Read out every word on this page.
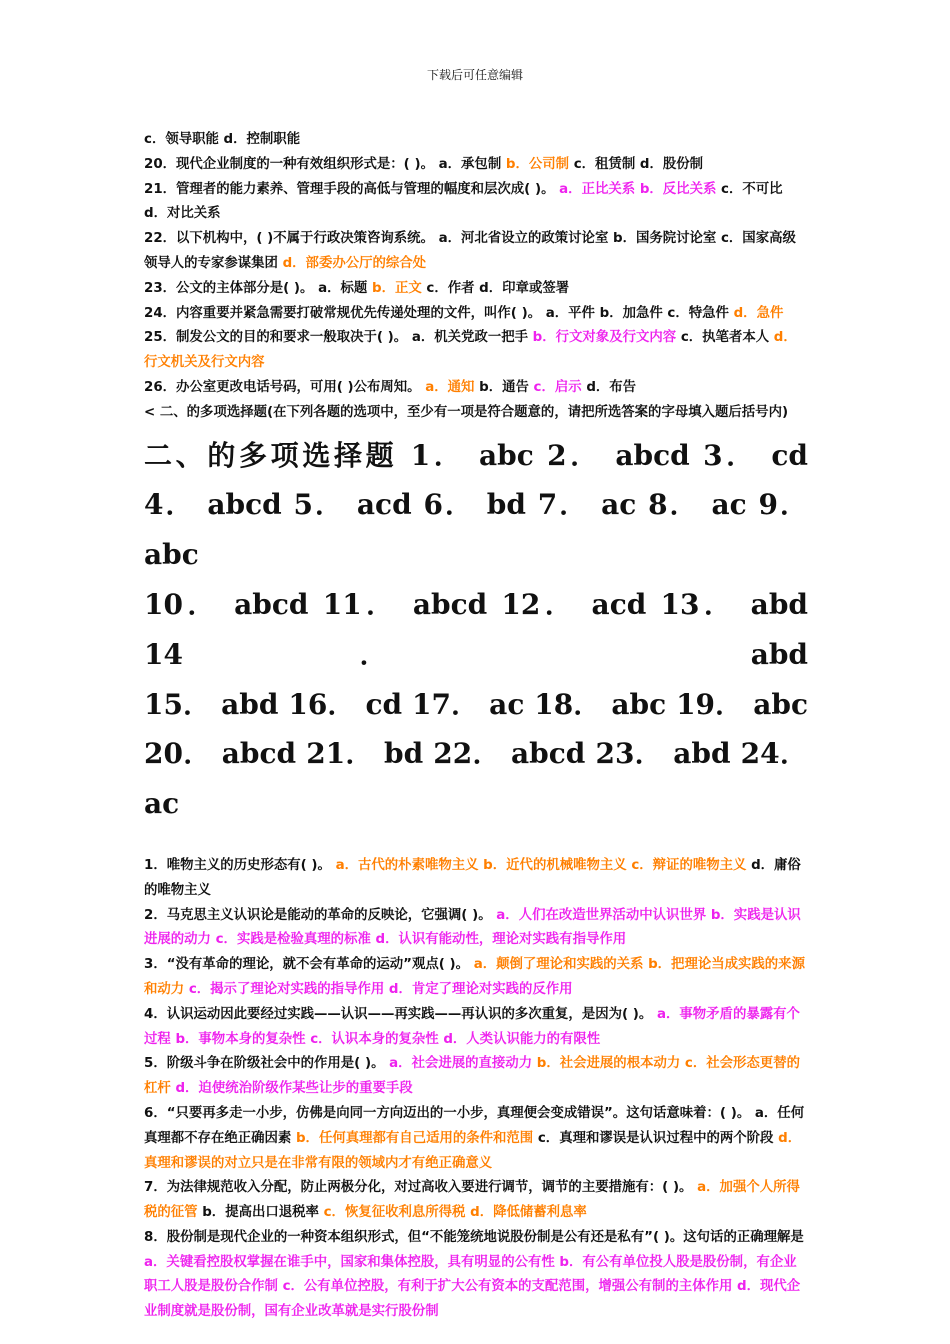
下载后可任意编辑

c．领导职能 d．控制职能

20．现代企业制度的一种有效组织形式是：( )。 a．承包制 b．公司制 c．租赁制 d．股份制

21．管理者的能力素养、管理手段的高低与管理的幅度和层次成( )。 a．正比关系 b．反比关系 c．不可比 d．对比关系

22．以下机构中，( )不属于行政决策咨询系统。 a．河北省设立的政策讨论室 b．国务院讨论室 c．国家高级领导人的专家参谋集团 d．部委办公厅的综合处

23．公文的主体部分是( )。 a．标题 b．正文 c．作者 d．印章或签署

24．内容重要并紧急需要打破常规优先传递处理的文件，叫作( )。 a．平件 b．加急件 c．特急件 d．急件

25．制发公文的目的和要求一般取决于( )。 a．机关党政一把手 b．行文对象及行文内容 c．执笔者本人 d．行文机关及行文内容

26．办公室更改电话号码，可用( )公布周知。 a．通知 b．通告 c．启示 d．布告

< 二、的多项选择题(在下列各题的选项中，至少有一项是符合题意的，请把所选答案的字母填入题后括号内)

二、的多项选择题 1． abc 2． abcd 3． cd
4． abcd 5． acd 6． bd 7． ac 8． ac 9． abc
10． abcd 11． abcd 12． acd 13． abd 14． abd
15． abd 16． cd 17． ac 18． abc 19． abc
20． abcd 21． bd 22． abcd 23． abd 24． ac

1．唯物主义的历史形态有( )。 a．古代的朴素唯物主义 b．近代的机械唯物主义 c．辩证的唯物主义 d．庸俗的唯物主义

2．马克思主义认识论是能动的革命的反映论，它强调( )。 a．人们在改造世界活动中认识世界 b．实践是认识进展的动力 c．实践是检验真理的标准 d．认识有能动性，理论对实践有指导作用

3．“没有革命的理论，就不会有革命的运动”观点( )。 a．颠倒了理论和实践的关系 b．把理论当成实践的来源和动力 c．揭示了理论对实践的指导作用 d．肯定了理论对实践的反作用

4．认识运动因此要经过实践——认识——再实践——再认识的多次重复，是因为( )。 a．事物矛盾的暴露有个过程 b．事物本身的复杂性 c．认识本身的复杂性 d．人类认识能力的有限性

5．阶级斗争在阶级社会中的作用是( )。 a．社会进展的直接动力 b．社会进展的根本动力 c．社会形态更替的杠杆 d．迫使统治阶级作某些让步的重要手段

6．“只要再多走一小步，仿佛是向同一方向迈出的一小步，真理便会变成错误”。这句话意味着：( )。 a．任何真理都不存在绝正确因素 b．任何真理都有自己适用的条件和范围 c．真理和谬误是认识过程中的两个阶段 d．真理和谬误的对立只是在非常有限的领域内才有绝正确意义

7．为法律规范收入分配，防止两极分化，对过高收入要进行调节，调节的主要措施有：( )。 a．加强个人所得税的征管 b．提高出口退税率 c．恢复征收利息所得税 d．降低储蓄利息率

8．股份制是现代企业的一种资本组织形式，但“不能笼统地说股份制是公有还是私有”( )。这句话的正确理解是 a．关键看控股权掌握在谁手中，国家和集体控股，具有明显的公有性 b．有公有单位投人股是股份制，有企业职工人股是股份合作制 c．公有单位控股，有利于扩大公有资本的支配范围，增强公有制的主体作用 d．现代企业制度就是股份制，国有企业改革就是实行股份制
